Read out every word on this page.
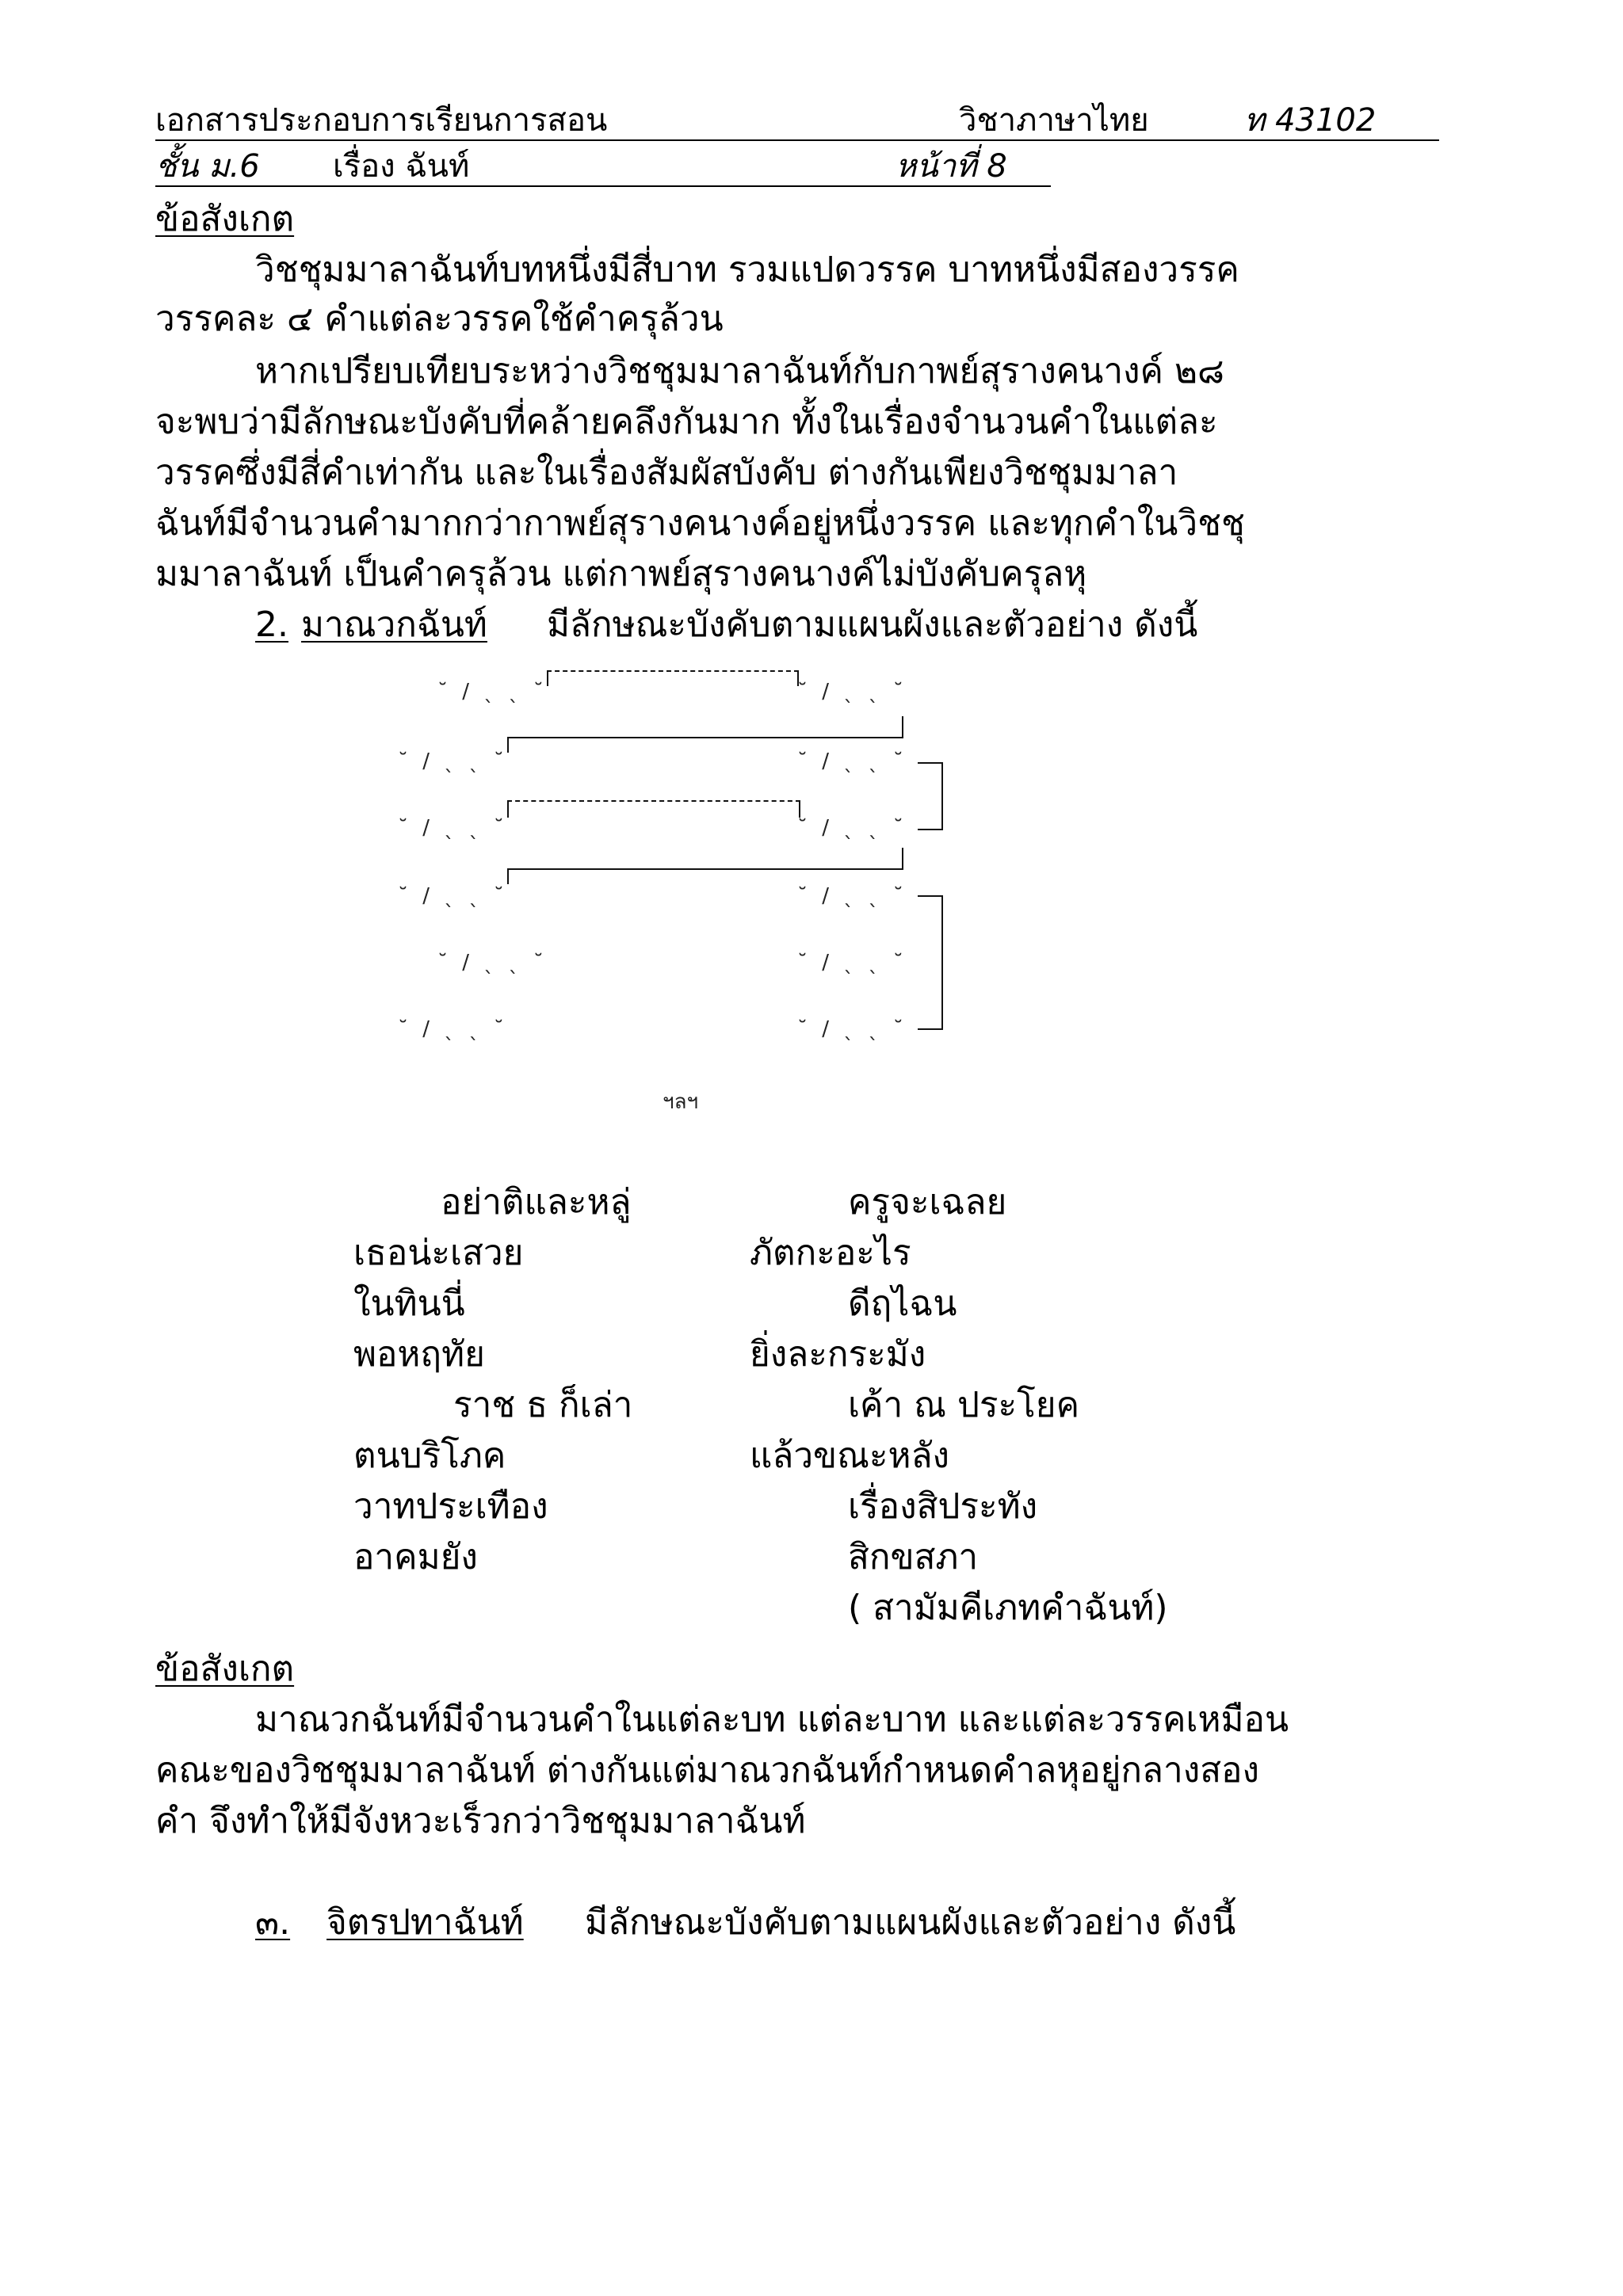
เอกสารประกอบการเรียนการสอน	วิชาภาษาไทย	ท 43102
ชั้น ม.6 เรื่อง ฉันท์	หน้าที่ 8
ข้อสังเกต
วิชชุมมาลาฉันท์บทหนึ่งมีสี่บาท รวมแปดวรรค บาทหนึ่งมีสองวรรค
วรรคละ ๔ คำแต่ละวรรคใช้คำครุล้วน
หากเปรียบเทียบระหว่างวิชชุมมาลาฉันท์กับกาพย์สุรางคนางค์ ๒๘
จะพบว่ามีลักษณะบังคับที่คล้ายคลึงกันมาก ทั้งในเรื่องจำนวนคำในแต่ละ
วรรคซึ่งมีสี่คำเท่ากัน และในเรื่องสัมผัสบังคับ ต่างกันเพียงวิชชุมมาลา
ฉันท์มีจำนวนคำมากกว่ากาพย์สุรางคนางค์อยู่หนึ่งวรรค และทุกคำในวิชชุ
มมาลาฉันท์ เป็นคำครุล้วน แต่กาพย์สุรางคนางค์ไม่บังคับครุลหุ
2. มาณวกฉันท์ มีลักษณะบังคับตามแผนผังและตัวอย่าง ดังนี้
˘ / ˎ ˎ ˘	˘ / ˎ ˎ ˘
˘ / ˎ ˎ ˘	˘ / ˎ ˎ ˘
˘ / ˎ ˎ ˘	˘ / ˎ ˎ ˘
˘ / ˎ ˎ ˘	˘ / ˎ ˎ ˘
˘ / ˎ ˎ ˘	˘ / ˎ ˎ ˘
˘ / ˎ ˎ ˘	˘ / ˎ ˎ ˘
ฯลฯ
อย่าติและหลู่	ครูจะเฉลย
เธอน่ะเสวย	ภัตกะอะไร
ในทินนี่	ดีฤไฉน
พอหฤทัย	ยิ่งละกระมัง
ราช ธ ก็เล่า	เค้า ณ ประโยค
ตนบริโภค	แล้วขณะหลัง
วาทประเทือง	เรื่องสิประทัง
อาคมยัง	สิกขสภา
( สามัมคีเภทคำฉันท์)
ข้อสังเกต
มาณวกฉันท์มีจำนวนคำในแต่ละบท แต่ละบาท และแต่ละวรรคเหมือน
คณะของวิชชุมมาลาฉันท์ ต่างกันแต่มาณวกฉันท์กำหนดคำลหุอยู่กลางสอง
คำ จึงทำให้มีจังหวะเร็วกว่าวิชชุมมาลาฉันท์
๓. จิตรปทาฉันท์ มีลักษณะบังคับตามแผนผังและตัวอย่าง ดังนี้
